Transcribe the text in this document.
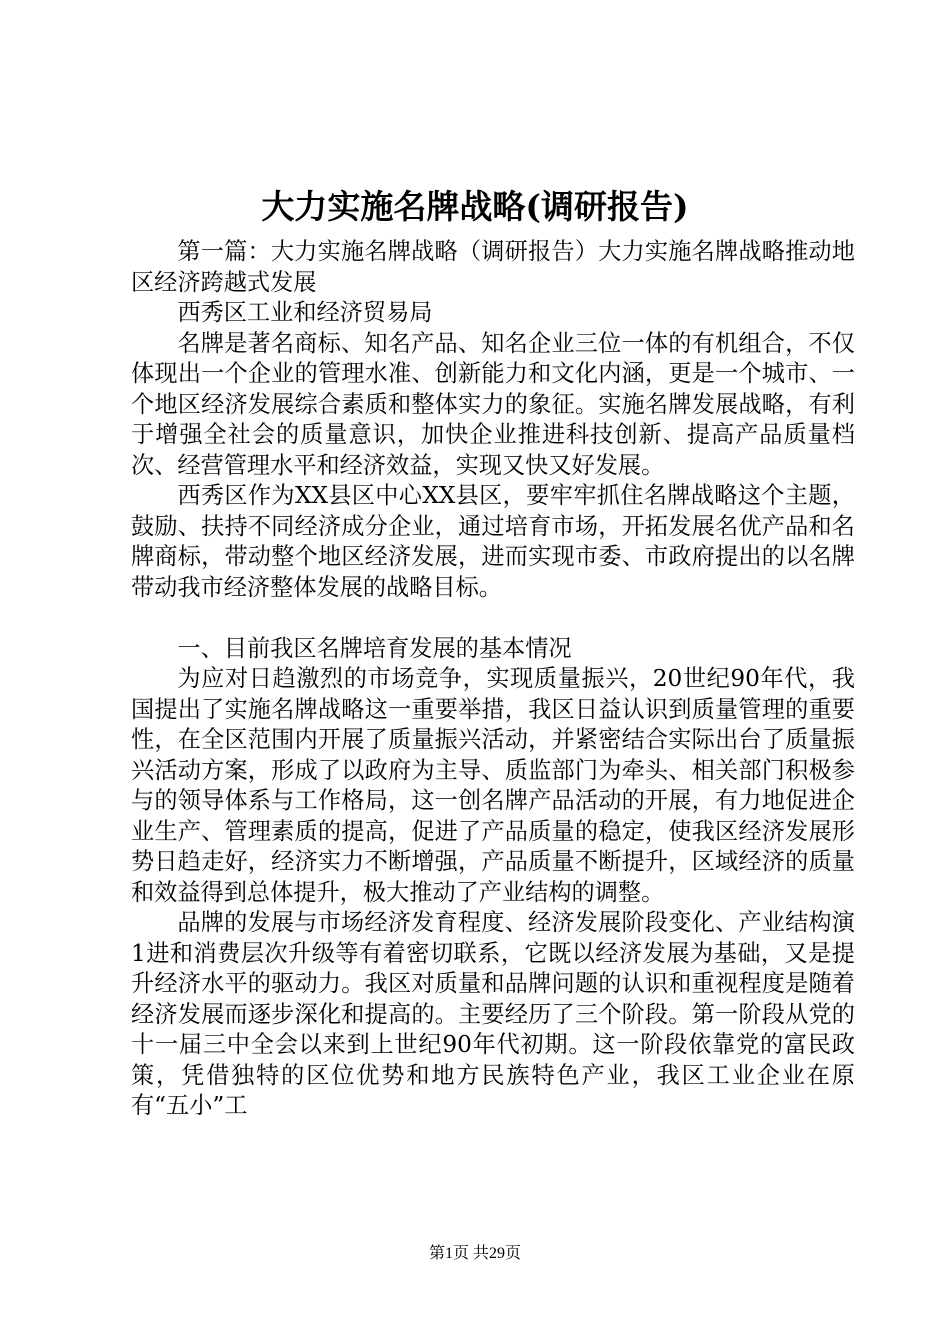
大力实施名牌战略(调研报告)

第一篇：大力实施名牌战略（调研报告）大力实施名牌战略推动地区经济跨越式发展

西秀区工业和经济贸易局

名牌是著名商标、知名产品、知名企业三位一体的有机组合，不仅体现出一个企业的管理水准、创新能力和文化内涵，更是一个城市、一个地区经济发展综合素质和整体实力的象征。实施名牌发展战略，有利于增强全社会的质量意识，加快企业推进科技创新、提高产品质量档次、经营管理水平和经济效益，实现又快又好发展。

西秀区作为XX县区中心XX县区，要牢牢抓住名牌战略这个主题，鼓励、扶持不同经济成分企业，通过培育市场，开拓发展名优产品和名牌商标，带动整个地区经济发展，进而实现市委、市政府提出的以名牌带动我市经济整体发展的战略目标。

一、目前我区名牌培育发展的基本情况

为应对日趋激烈的市场竞争，实现质量振兴，20世纪90年代，我国提出了实施名牌战略这一重要举措，我区日益认识到质量管理的重要性，在全区范围内开展了质量振兴活动，并紧密结合实际出台了质量振兴活动方案，形成了以政府为主导、质监部门为牵头、相关部门积极参与的领导体系与工作格局，这一创名牌产品活动的开展，有力地促进企业生产、管理素质的提高，促进了产品质量的稳定，使我区经济发展形势日趋走好，经济实力不断增强，产品质量不断提升，区域经济的质量和效益得到总体提升，极大推动了产业结构的调整。

品牌的发展与市场经济发育程度、经济发展阶段变化、产业结构演1进和消费层次升级等有着密切联系，它既以经济发展为基础，又是提升经济水平的驱动力。我区对质量和品牌问题的认识和重视程度是随着经济发展而逐步深化和提高的。主要经历了三个阶段。第一阶段从党的十一届三中全会以来到上世纪90年代初期。这一阶段依靠党的富民政策，凭借独特的区位优势和地方民族特色产业，我区工业企业在原有“五小”工

第1页 共29页
